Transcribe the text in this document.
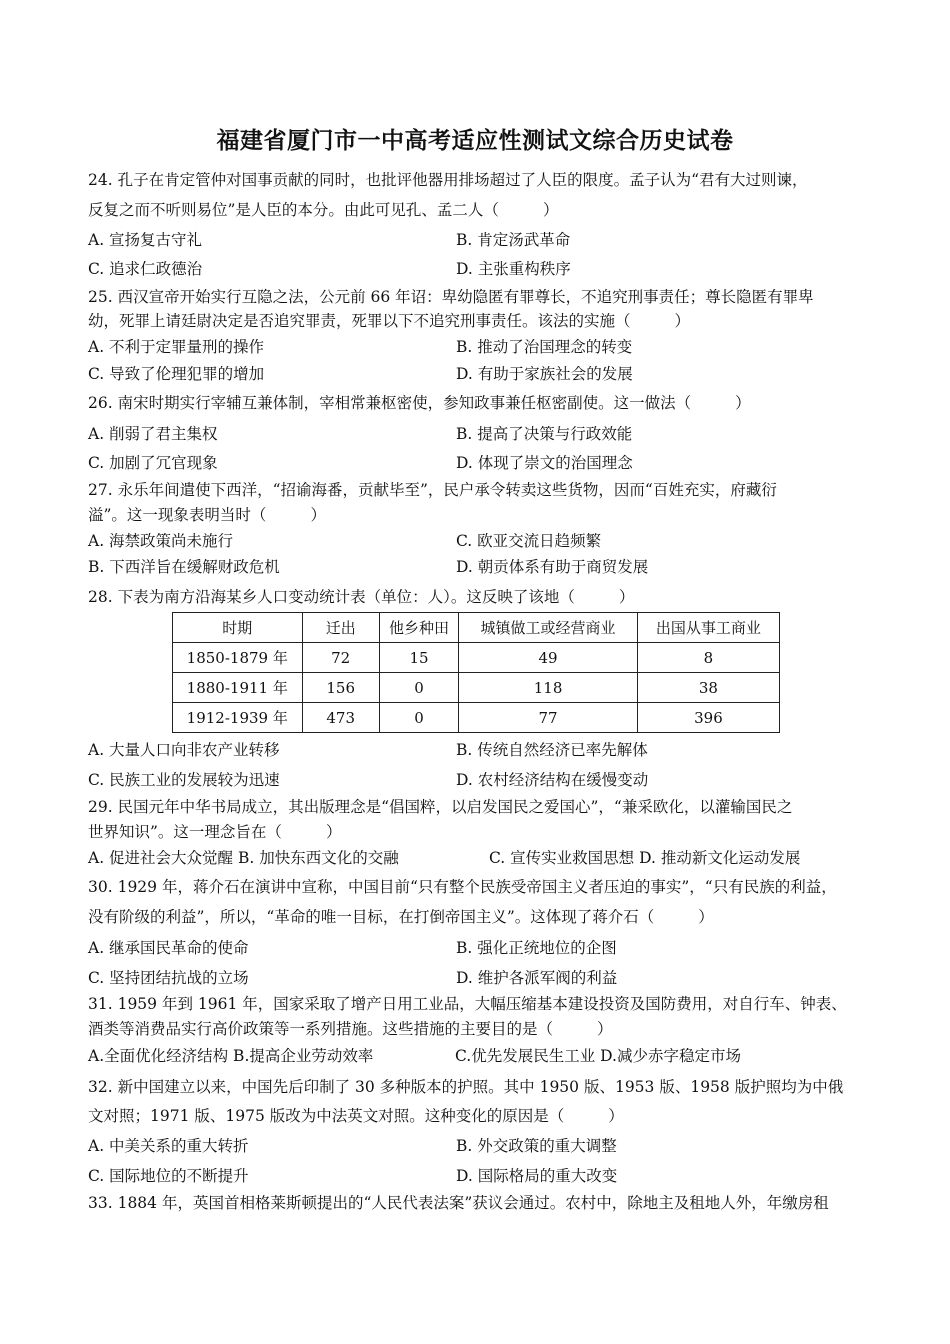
福建省厦门市一中高考适应性测试文综合历史试卷
24. 孔子在肯定管仲对国事贡献的同时，也批评他器用排场超过了人臣的限度。孟子认为“君有大过则谏，
反复之而不听则易位”是人臣的本分。由此可见孔、孟二人（	）
A. 宣扬复古守礼	B. 肯定汤武革命
C. 追求仁政德治	D. 主张重构秩序
25. 西汉宣帝开始实行互隐之法，公元前 66 年诏：卑幼隐匿有罪尊长，不追究刑事责任；尊长隐匿有罪卑
幼，死罪上请廷尉决定是否追究罪责，死罪以下不追究刑事责任。该法的实施（	）
A. 不利于定罪量刑的操作	B. 推动了治国理念的转变
C. 导致了伦理犯罪的增加	D. 有助于家族社会的发展
26. 南宋时期实行宰辅互兼体制，宰相常兼枢密使，参知政事兼任枢密副使。这一做法（	）
A. 削弱了君主集权	B. 提高了决策与行政效能
C. 加剧了冗官现象	D. 体现了崇文的治国理念
27. 永乐年间遣使下西洋，“招谕海番，贡献毕至”，民户承令转卖这些货物，因而“百姓充实，府藏衍
溢”。这一现象表明当时（	）
A. 海禁政策尚未施行	C. 欧亚交流日趋频繁
B. 下西洋旨在缓解财政危机	D. 朝贡体系有助于商贸发展
28. 下表为南方沿海某乡人口变动统计表（单位：人）。这反映了该地（	）
时期	迁出	他乡种田	城镇做工或经营商业	出国从事工商业
1850-1879 年	72	15	49	8
1880-1911 年	156	0	118	38
1912-1939 年	473	0	77	396
A. 大量人口向非农产业转移	B. 传统自然经济已率先解体
C. 民族工业的发展较为迅速	D. 农村经济结构在缓慢变动
29. 民国元年中华书局成立，其出版理念是“倡国粹，以启发国民之爱国心”，“兼采欧化，以灌输国民之
世界知识”。这一理念旨在（	）
A. 促进社会大众觉醒 B. 加快东西文化的交融	C. 宣传实业救国思想 D. 推动新文化运动发展
30. 1929 年，蒋介石在演讲中宣称，中国目前“只有整个民族受帝国主义者压迫的事实”，“只有民族的利益，
没有阶级的利益”，所以，“革命的唯一目标，在打倒帝国主义”。这体现了蒋介石（	）
A. 继承国民革命的使命	B. 强化正统地位的企图
C. 坚持团结抗战的立场	D. 维护各派军阀的利益
31. 1959 年到 1961 年，国家采取了增产日用工业品，大幅压缩基本建设投资及国防费用，对自行车、钟表、
酒类等消费品实行高价政策等一系列措施。这些措施的主要目的是（	）
A.全面优化经济结构 B.提高企业劳动效率	C.优先发展民生工业 D.减少赤字稳定市场
32. 新中国建立以来，中国先后印制了 30 多种版本的护照。其中 1950 版、1953 版、1958 版护照均为中俄
文对照；1971 版、1975 版改为中法英文对照。这种变化的原因是（	）
A. 中美关系的重大转折	B. 外交政策的重大调整
C. 国际地位的不断提升	D. 国际格局的重大改变
33. 1884 年，英国首相格莱斯顿提出的“人民代表法案”获议会通过。农村中，除地主及租地人外，年缴房租
